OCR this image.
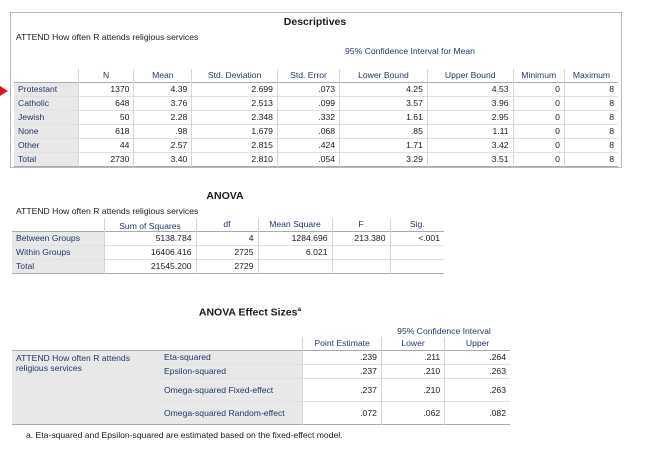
Descriptives
ATTEND How often R attends religious services
95% Confidence Interval for Mean
	N	Mean	Std. Deviation	Std. Error	Lower Bound	Upper Bound	Minimum	Maximum
Protestant	1370	4.39	2.699	.073	4.25	4.53	0	8
Catholic	648	3.76	2.513	.099	3.57	3.96	0	8
Jewish	50	2.28	2.348	.332	1.61	2.95	0	8
None	618	.98	1.679	.068	.85	1.11	0	8
Other	44	2.57	2.815	.424	1.71	3.42	0	8
Total	2730	3.40	2.810	.054	3.29	3.51	0	8
ANOVA
ATTEND How often R attends religious services
	Sum of Squares	df	Mean Square	F	Sig.
Between Groups	5138.784	4	1284.696	213.380	<.001
Within Groups	16406.416	2725	6.021		
Total	21545.200	2729			
ANOVA Effect Sizes$^a$
95% Confidence Interval
		Point Estimate	Lower	Upper
ATTEND How often R attends religious services	Eta-squared	.239	.211	.264
	Epsilon-squared	.237	.210	.263
	Omega-squared Fixed-effect	.237	.210	.263
	Omega-squared Random-effect	.072	.062	.082
a. Eta-squared and Epsilon-squared are estimated based on the fixed-effect model.
